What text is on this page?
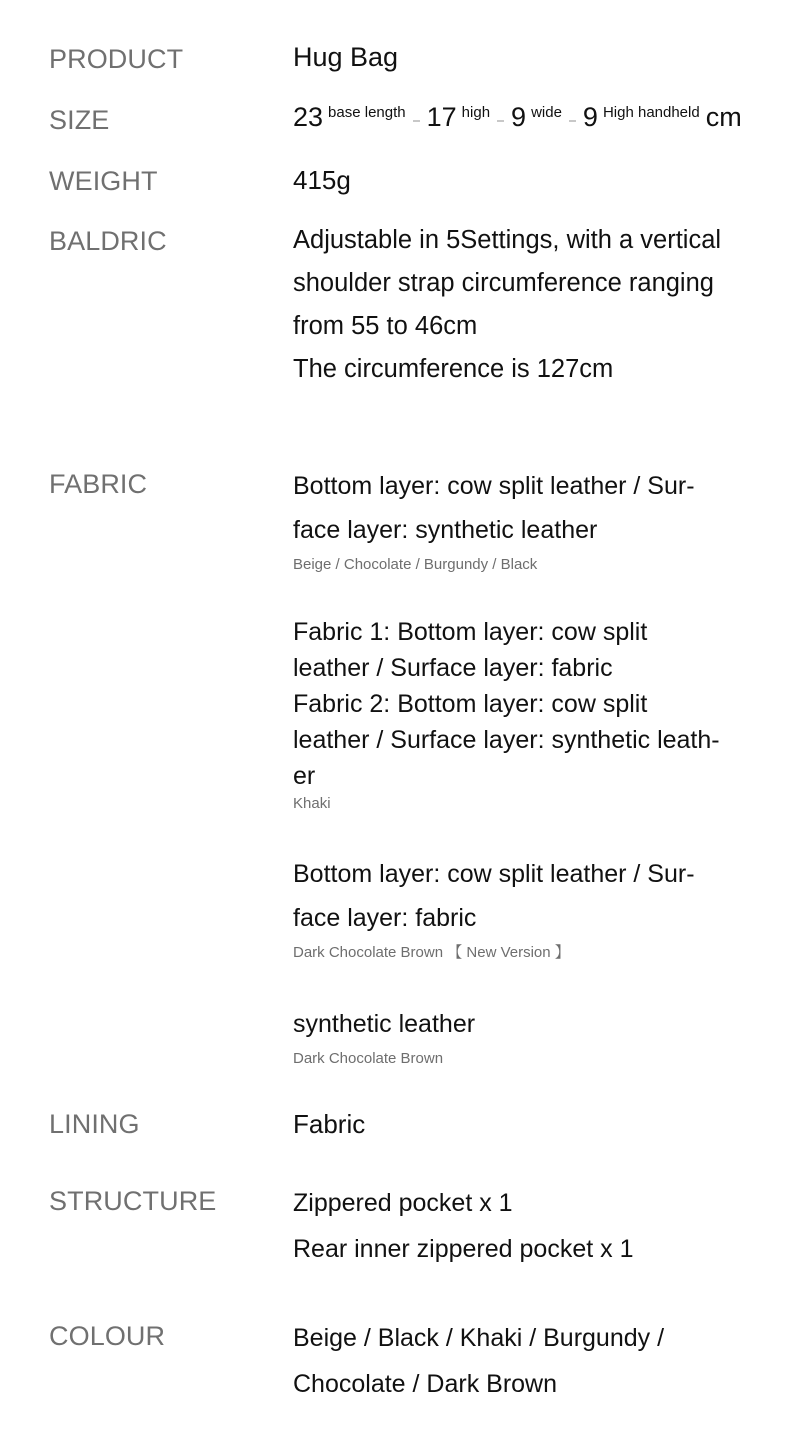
PRODUCT	Hug Bag
SIZE	23 base length 17 high 9 wide 9 High handheld cm
WEIGHT	415g
BALDRIC	Adjustable in 5Settings, with a vertical
shoulder strap circumference ranging
from 55 to 46cm
The circumference is 127cm
FABRIC	Bottom layer: cow split leather / Sur-
face layer: synthetic leather
Beige / Chocolate / Burgundy / Black
Fabric 1: Bottom layer: cow split
leather / Surface layer: fabric
Fabric 2: Bottom layer: cow split
leather / Surface layer: synthetic leath-
er
Khaki
Bottom layer: cow split leather / Sur-
face layer: fabric
Dark Chocolate Brown 【 New Version 】
synthetic leather
Dark Chocolate Brown
LINING	Fabric
STRUCTURE	Zippered pocket x 1
Rear inner zippered pocket x 1
COLOUR	Beige / Black / Khaki / Burgundy /
Chocolate / Dark Brown
